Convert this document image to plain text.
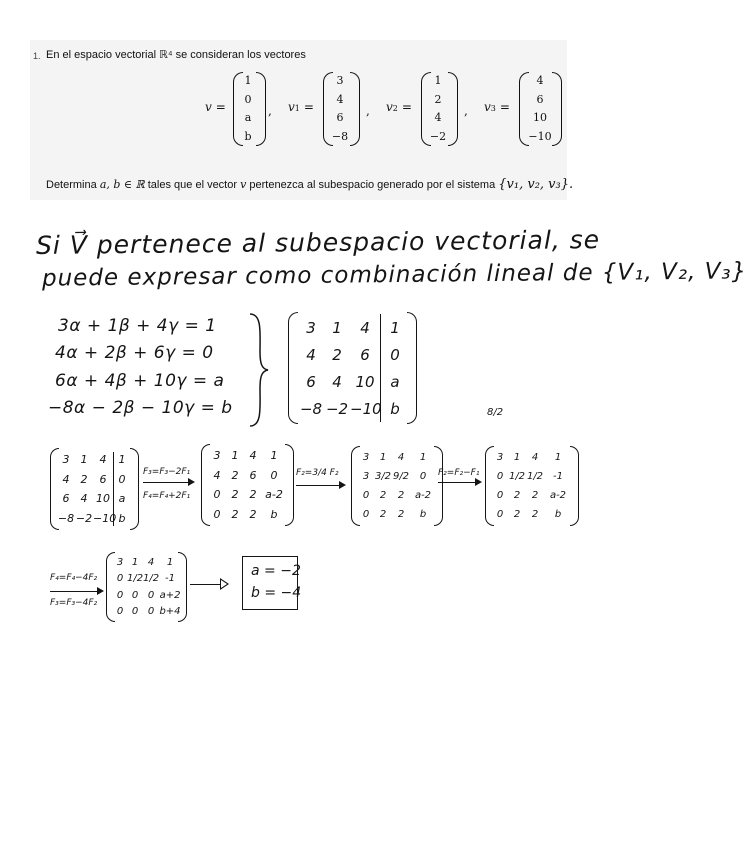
1. En el espacio vectorial ℝ⁴ se consideran los vectores
v =
1
0
a
b
, v1 =
3
4
6
−8
, v2 =
1
2
4
−2
, v3 =
4
6
10
−10
Determina a, b ∈ ℝ tales que el vector v pertenezca al subespacio generado por el sistema {v₁, v₂, v₃}.
Si V⃗ pertenece al subespacio vectorial, se
puede expresar como combinación lineal de {V₁, V₂, V₃}
3α + 1β + 4γ = 1
4α + 2β + 6γ = 0
6α + 4β + 10γ = a
−8α − 2β − 10γ = b
3	1	4	1
4	2	6	0
6	4 10	a
−8 −2 −10 b	8/2
3	1	4	1
4	2	6	0
6	4 10 a
−8 −2 −10 b
F₃=F₃−2F₁
F₄=F₄+2F₁
3	1	4	1
4	2	6	0
0	2	2 a-2
0	2	2	b
F₂=3/4 F₂
3	1	4	1
3 3/2 9/2	0
0	2	2	a-2
0	2	2	b
F₂=F₂−F₁
3	1	4	1
0 1/2 1/2 -1
0	2	2	a-2
0	2	2	b
F₄=F₄−4F₂
F₃=F₃−4F₂
3 1 4	1
0 1/2 1/2 -1
0 0 0 a+2
0 0 0 b+4
a = −2
b = −4
